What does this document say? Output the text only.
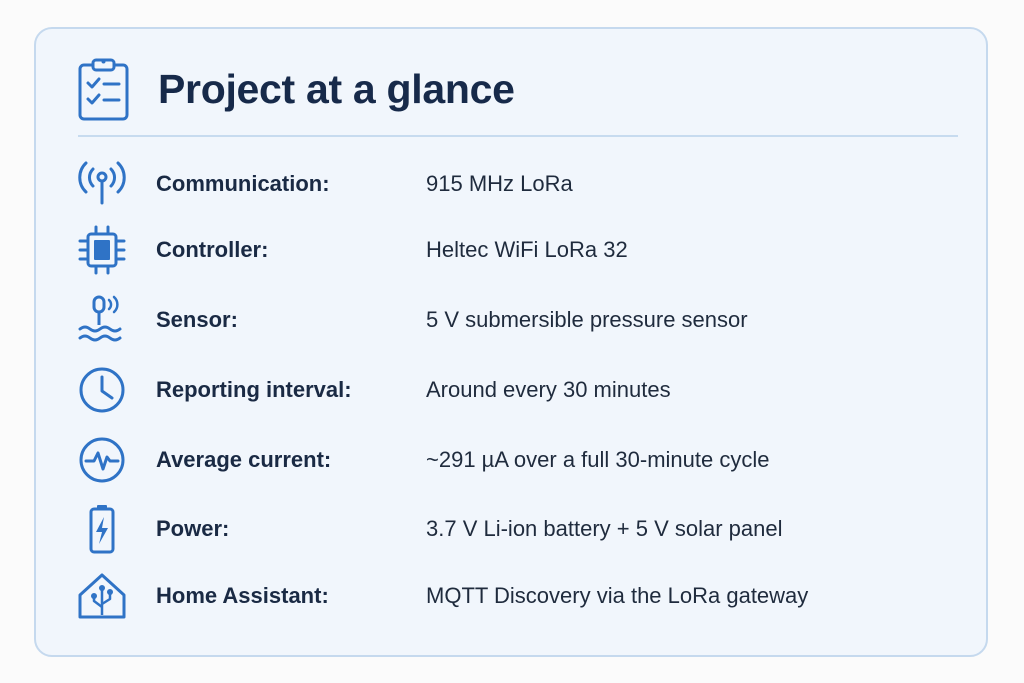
Project at a glance
Communication:	915 MHz LoRa
Controller:	Heltec WiFi LoRa 32
Sensor:	5 V submersible pressure sensor
Reporting interval:	Around every 30 minutes
Average current:	~291 µA over a full 30-minute cycle
Power:	3.7 V Li-ion battery + 5 V solar panel
Home Assistant:	MQTT Discovery via the LoRa gateway
